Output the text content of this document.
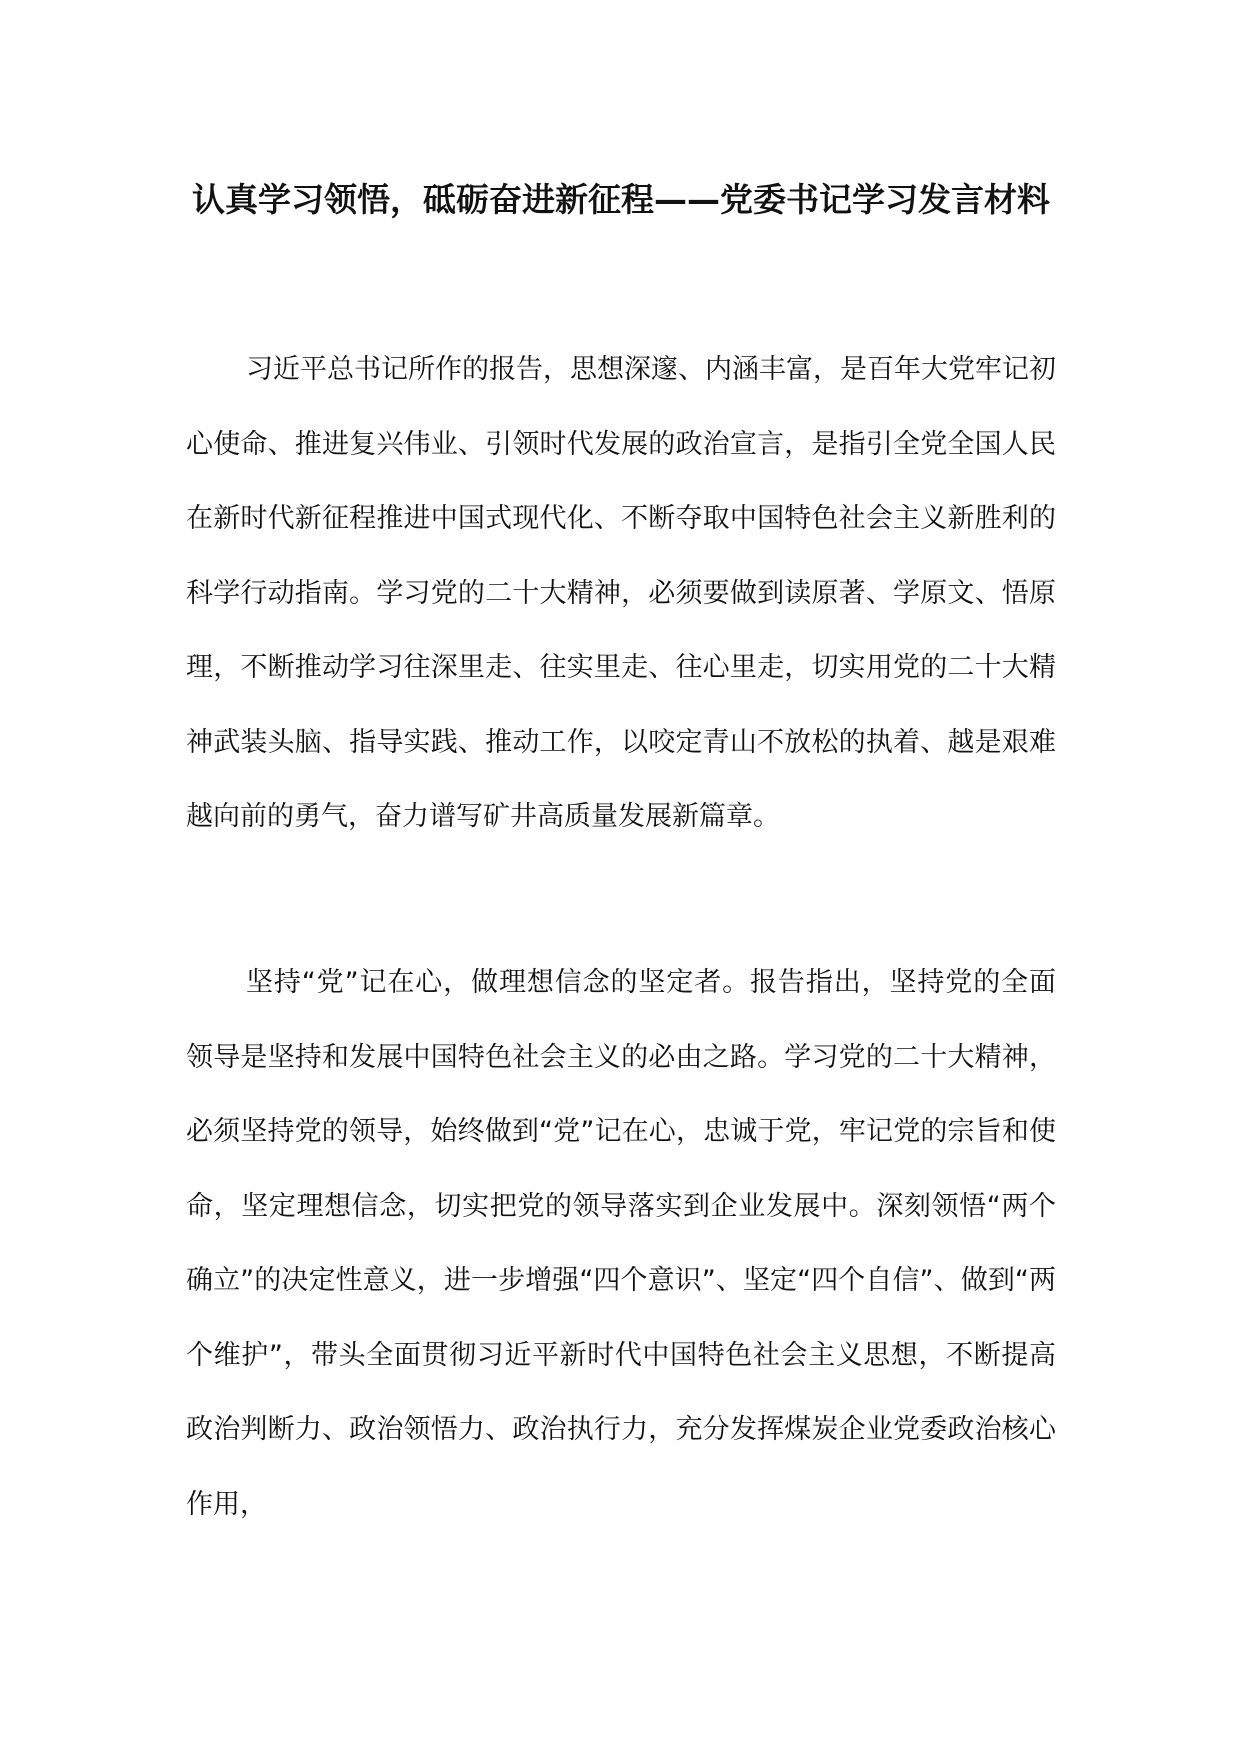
认真学习领悟，砥砺奋进新征程——党委书记学习发言材料

习近平总书记所作的报告，思想深邃、内涵丰富，是百年大党牢记初心使命、推进复兴伟业、引领时代发展的政治宣言，是指引全党全国人民在新时代新征程推进中国式现代化、不断夺取中国特色社会主义新胜利的科学行动指南。学习党的二十大精神，必须要做到读原著、学原文、悟原理，不断推动学习往深里走、往实里走、往心里走，切实用党的二十大精神武装头脑、指导实践、推动工作，以咬定青山不放松的执着、越是艰难越向前的勇气，奋力谱写矿井高质量发展新篇章。

坚持“党”记在心，做理想信念的坚定者。报告指出，坚持党的全面领导是坚持和发展中国特色社会主义的必由之路。学习党的二十大精神，必须坚持党的领导，始终做到“党”记在心，忠诚于党，牢记党的宗旨和使命，坚定理想信念，切实把党的领导落实到企业发展中。深刻领悟“两个确立”的决定性意义，进一步增强“四个意识”、坚定“四个自信”、做到“两个维护”，带头全面贯彻习近平新时代中国特色社会主义思想，不断提高政治判断力、政治领悟力、政治执行力，充分发挥煤炭企业党委政治核心作用，
